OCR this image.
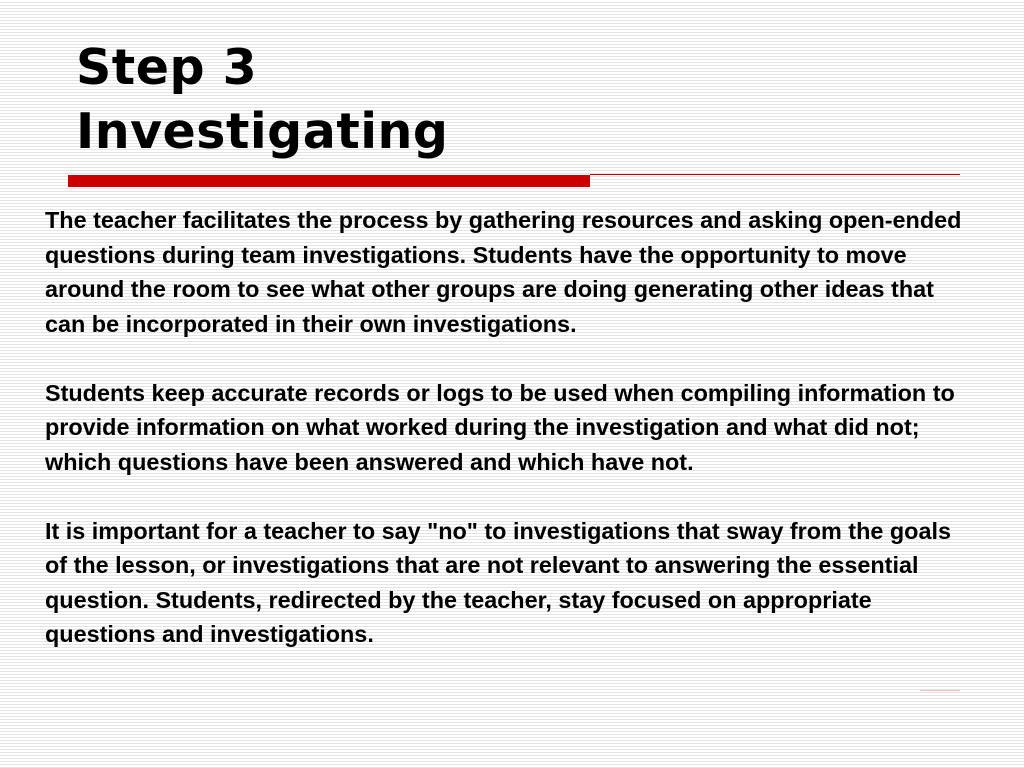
Step 3
Investigating

The teacher facilitates the process by gathering resources and asking open-ended questions during team investigations. Students have the opportunity to move around the room to see what other groups are doing generating other ideas that can be incorporated in their own investigations.

Students keep accurate records or logs to be used when compiling information to provide information on what worked during the investigation and what did not; which questions have been answered and which have not.

It is important for a teacher to say "no" to investigations that sway from the goals of the lesson, or investigations that are not relevant to answering the essential question. Students, redirected by the teacher, stay focused on appropriate questions and investigations.
